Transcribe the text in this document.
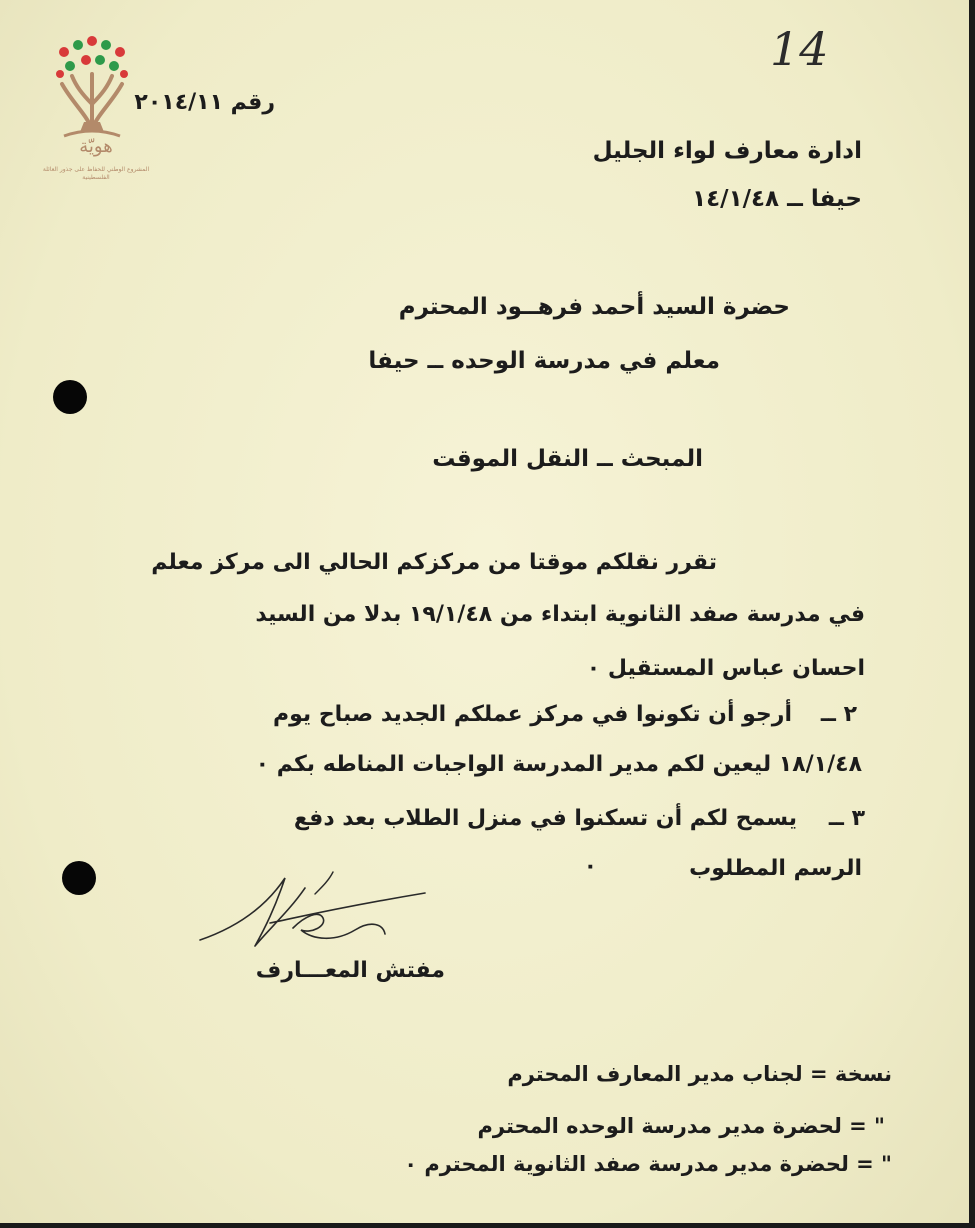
14
هويّة
المشروع الوطني للحفاظ على جذور العائلة الفلسطينية
رقم ٢٠١٤/١١
ادارة معارف لواء الجليل
حيفا ــ ١٤/١/٤٨
حضرة السيد أحمد فرهــود المحترم
معلم في مدرسة الوحده ــ حيفا
المبحث ــ النقل الموقت
تقرر نقلكم موقتا من مركزكم الحالي الى مركز معلم
في مدرسة صفد الثانوية ابتداء من ١٩/١/٤٨ بدلا من السيد
احسان عباس المستقيل ٠
٢ ــ
أرجو أن تكونوا في مركز عملكم الجديد صباح يوم
١٨/١/٤٨ ليعين لكم مدير المدرسة الواجبات المناطه بكم ٠
٣ ــ
يسمح لكم أن تسكنوا في منزل الطلاب بعد دفع
الرسم المطلوب
٠
مفتش المعـــارف
نسخة = لجناب مدير المعارف المحترم
" = لحضرة مدير مدرسة الوحده المحترم
" = لحضرة مدير مدرسة صفد الثانوية المحترم ٠
